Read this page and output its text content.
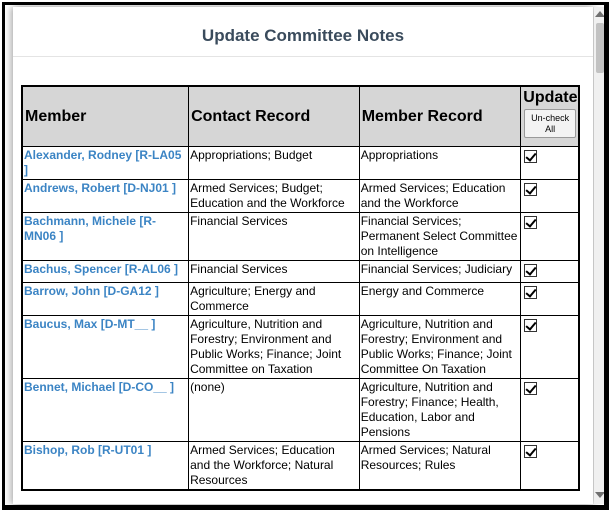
Update Committee Notes
Member	Contact Record	Member Record	Update
Un-check All

Alexander, Rodney [R-LA05 ]	Appropriations; Budget	Appropriations	
Andrews, Robert [D-NJ01 ]	Armed Services; Budget; Education and the Workforce	Armed Services; Education and the Workforce	
Bachmann, Michele [R-MN06 ]	Financial Services	Financial Services; Permanent Select Committee on Intelligence	
Bachus, Spencer [R-AL06 ]	Financial Services	Financial Services; Judiciary	
Barrow, John [D-GA12 ]	Agriculture; Energy and Commerce	Energy and Commerce	
Baucus, Max [D-MT__ ]	Agriculture, Nutrition and Forestry; Environment and Public Works; Finance; Joint Committee on Taxation	Agriculture, Nutrition and Forestry; Environment and Public Works; Finance; Joint Committee On Taxation	
Bennet, Michael [D-CO__ ]	(none)	Agriculture, Nutrition and Forestry; Finance; Health, Education, Labor and Pensions	
Bishop, Rob [R-UT01 ]	Armed Services; Education and the Workforce; Natural Resources	Armed Services; Natural Resources; Rules	
